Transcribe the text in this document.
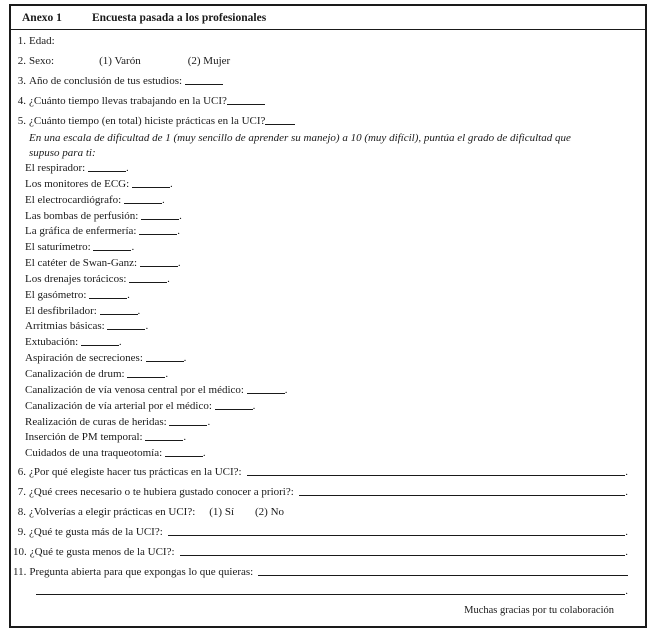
Anexo 1	Encuesta pasada a los profesionales
1. Edad:
2. Sexo:	(1) Varón	(2) Mujer
3. Año de conclusión de tus estudios:

4. ¿Cuánto tiempo llevas trabajando en la UCI?
5. ¿Cuánto tiempo (en total) hiciste prácticas en la UCI?
En una escala de dificultad de 1 (muy sencillo de aprender su manejo) a 10 (muy difícil), puntúa el grado de dificultad que
supuso para ti:
El respirador:	.
Los monitores de ECG:	.
El electrocardiógrafo:	.
Las bombas de perfusión:	.
La gráfica de enfermería:	.
El saturímetro:	.
El catéter de Swan-Ganz:	.
Los drenajes torácicos:	.
El gasómetro:	.
El desfibrilador:	.
Arritmias básicas:	.
Extubación:	.
Aspiración de secreciones:	.
Canalización de drum:	.
Canalización de vía venosa central por el médico:	.
Canalización de vía arterial por el médico:	.
Realización de curas de heridas:	.
Inserción de PM temporal:	.
Cuidados de una traqueotomía:	.
6. ¿Por qué elegiste hacer tus prácticas en la UCI?:	.
7. ¿Qué crees necesario o te hubiera gustado conocer a priori?:	.
8. ¿Volverías a elegir prácticas en UCI?: (1) Sí (2) No
9. ¿Qué te gusta más de la UCI?:	.
10. ¿Qué te gusta menos de la UCI?:	.
11. Pregunta abierta para que expongas lo que quieras:
.
Muchas gracias por tu colaboración
